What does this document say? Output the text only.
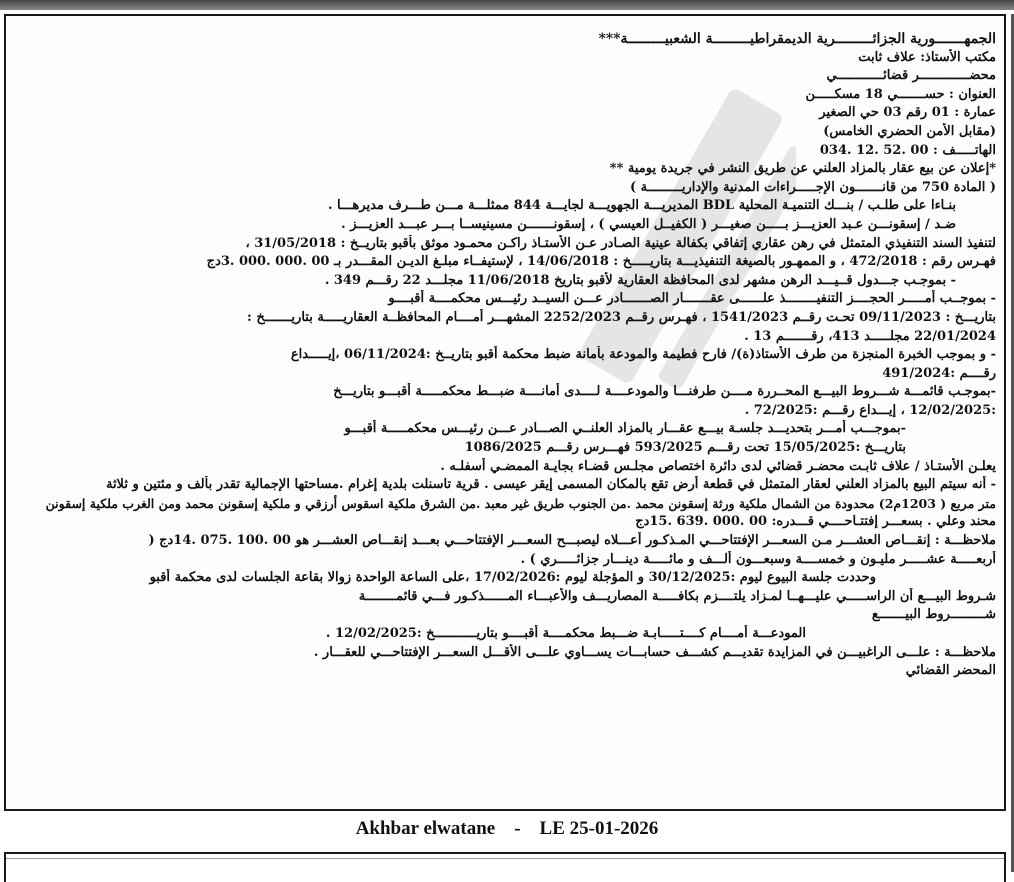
الجمهـــــــورية الجزائـــــــــرية الديمقراطيـــــــــة الشعبيـــــــــة***
مكتب الأستاذ: علاف ثابت
محضـــــــــــــر قضائــــــــــــي
العنوان : حســـــــي 18 مسكـــــن
عمارة : 01 رقم 03 حي الصغير
(مقابل الأمن الحضري الخامس)
الهاتـــــف : 00 .52 .12 .034
*إعلان عن بيع عقار بالمزاد العلني عن طريق النشر في جريدة يومية **
( المادة 750 من قانـــــــون الإجـــــراءات المدنية والإداريـــــــــة )
بنـاءا على طلـب / بنـــك التنميـة المحلية BDL المديريـــة الجهويـــة لجايـــة 844 ممثلـــة مـــن طـــرف مديرهـــا .
ضـد / إسقونـــن عـبد العزيـــز بـــــن صغيـــر ( الكفيــل العيسي ) ، إسقونـــــــن مسينيســا بـــر عبـــد العزيـــز .
لتنفيذ السند التنفيذي المتمثل في رهن عقاري إتفاقي بكفالة عينية الصـادر عـن الأستـاذ راكـن محمـود موثق بأقبو بتاريــخ : 31/05/2018 ،
فهـرس رقم : 472/2018 ، و الممهـور بالصيغة التنفيذيـــة بتاريـــــخ : 14/06/2018 ، لإستيفــاء مبلـغ الديـن المقـــدر بـ 00 .000 .000 .3دج
- بموجـب جـــدول قــيـــد الرهن مشهر لدى المحافظة العقارية لأقبو بتاريخ 11/06/2018 مجلـــد 22 رقـــم 349 .
- بموجــب أمـــــر الحجــــز التنفيــــــــذ علــــــى عقـــــــار الصـــــــادر عـــن السيــد رئيـــس محكمــــة أقبــــو
بتاريـــخ : 09/11/2023 تحـت رقــم 1541/2023 ، فهـرس رقــم 2252/2023 المشهـــر أمــــام المحافظــة العقاريـــــة بتاريـــــــخ :
22/01/2024 مجلـــــد 413، رقـــــــم 13 .
- و بموجب الخبرة المنجزة من طرف الأستاذ(ة)/ فارح فطيمة والمودعة بأمانة ضبط محكمة أقبو بتاريــخ :06/11/2024 ،إيـــــداع
رقــــم :491/2024
-بموجـب قائمـــة شـــروط البيـــع المحــررة مــــن طرفنـــا والمودعــــة لــــدى أمانــــة ضبـــط محكمـــــة أقبـــو بتاريـــخ
:12/02/2025 ، إيـــداع رقـــم :72/2025 .
-بموجـــب أمـــر بتحديـــد جلسـة بيـــع عقـــار بالمزاد العلنــي الصـــادر عـــن رئيـــس محكمـــــة أقبـــو
بتاريـــخ :15/05/2025 تحت رقـــم 593/2025 فهـــرس رقـــم 1086/2025
يعلـن الأستـاذ / علاف ثابـت محضـر قضائي لدى دائرة اختصاص مجلـس قضـاء بجايـة الممضـي أسفلـه .
- أنه سيتم البيع بالمزاد العلني لعقار المتمثل في قطعة أرض تقع بالمكان المسمى إيقر عيسى . قرية تاسنلت بلدية إغرام .مساحتها الإجمالية تقدر بألف و مئتين و ثلاثة
متر مربع ( 1203م2) محدودة من الشمال ملكية ورثة إسقونن محمد .من الجنوب طريق غير معبد .من الشرق ملكية اسقوس أرزقي و ملكية إسقونن محمد ومن الغرب ملكية إسقونن
محند وعلي . بسعـــر إفتتـاحــــي قـــدره: 00 .000 .639 .15دج
ملاحظـــة : إنقـــاص العشـــر مـن السعـــر الإفتتاحـــي المـذكـور أعـــلاه ليصبـــح السعـــر الإفتتاحـــي بعـــد إنقـــاص العشـــر هو 00 .100 .075 .14دج (
أربعـــــة عشـــــر مليـون و خمســــة وسبعـــون ألـــف و مائـــــة دينـــار جزائـــــري ) .
وحددت جلسة البيوع ليوم :30/12/2025 و المؤجلة ليوم :17/02/2026 ،على الساعة الواحدة زوالا بقاعة الجلسات لدى محكمة أقبو
شـروط البيـــع أن الراســـــي عليـــهــا لمـزاد يلتــــزم بكافـــــة المصاريـــف والأعبـــاء المــــــذكـور فـــي قائمــــــــة
شـــــــــروط البيـــــــع
المودعـــة أمــــام كــــتـــــابـة ضـــبط محكمــــة أقبــــو بتاريـــــــــــخ :12/02/2025 .
ملاحظـــة : علـــى الراغبيـــن في المزايدة تقديـــم كشـــف حسابـــات يســـاوي علـــى الأقـــل السعـــر الإفتتاحـــي للعقـــار .
المحضر القضائي
Akhbar elwatane - LE 25-01-2026
